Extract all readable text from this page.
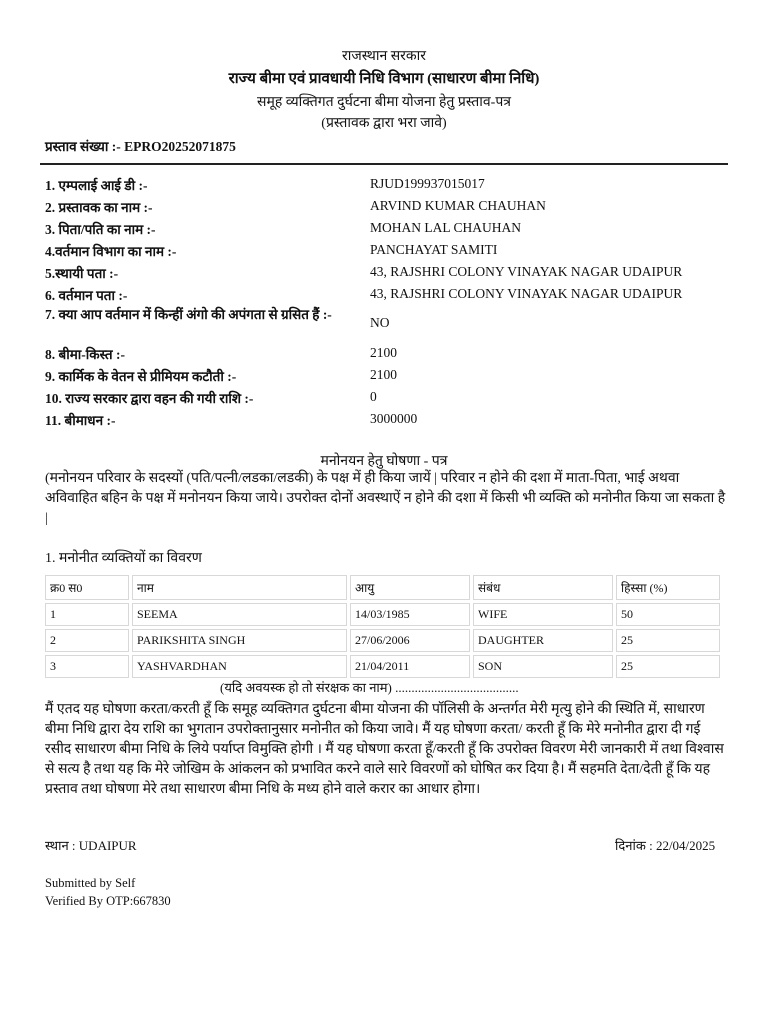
राजस्थान सरकार
राज्य बीमा एवं प्रावधायी निधि विभाग (साधारण बीमा निधि)
समूह व्यक्तिगत दुर्घटना बीमा योजना हेतु प्रस्ताव-पत्र
(प्रस्तावक द्वारा भरा जावे)
प्रस्ताव संख्या :- EPRO20252071875
1. एम्पलाई आई डी :-	RJUD199937015017
2. प्रस्तावक का नाम :-	ARVIND KUMAR CHAUHAN
3. पिता/पति का नाम :-	MOHAN LAL CHAUHAN
4.वर्तमान विभाग का नाम :-	PANCHAYAT SAMITI
5.स्थायी पता :-	43, RAJSHRI COLONY VINAYAK NAGAR UDAIPUR
6. वर्तमान पता :-	43, RAJSHRI COLONY VINAYAK NAGAR UDAIPUR
7. क्या आप वर्तमान में किन्हीं अंगो की अपंगता से ग्रसित हैं :-
NO
8. बीमा-किस्त :-	2100
9. कार्मिक के वेतन से प्रीमियम कटौती :-	2100
10. राज्य सरकार द्वारा वहन की गयी राशि :-	0
11. बीमाधन :-	3000000
मनोनयन हेतु घोषणा - पत्र
(मनोनयन परिवार के सदस्यों (पति/पत्नी/लडका/लडकी) के पक्ष में ही किया जायें | परिवार न होने की दशा में माता-पिता, भाई अथवा अविवाहित बहिन के पक्ष में मनोनयन किया जाये। उपरोक्त दोनों अवस्थाऐं न होने की दशा में किसी भी व्यक्ति को मनोनीत किया जा सकता है |
1. मनोनीत व्यक्तियों का विवरण
क्र0 स0	नाम	आयु	संबंध	हिस्सा (%)
1	SEEMA	14/03/1985	WIFE	50
2	PARIKSHITA SINGH	27/06/2006	DAUGHTER	25
3	YASHVARDHAN	21/04/2011	SON	25
(यदि अवयस्क हो तो संरक्षक का नाम) ......................................
मैं एतद यह घोषणा करता/करती हूँ कि समूह व्यक्तिगत दुर्घटना बीमा योजना की पॉलिसी के अन्तर्गत मेरी मृत्यु होने की स्थिति में, साधारण बीमा निधि द्वारा देय राशि का भुगतान उपरोक्तानुसार मनोनीत को किया जावे। मैं यह घोषणा करता/ करती हूँ कि मेरे मनोनीत द्वारा दी गई रसीद साधारण बीमा निधि के लिये पर्याप्त विमुक्ति होगी । मैं यह घोषणा करता हूँ/करती हूँ कि उपरोक्त विवरण मेरी जानकारी में तथा विश्वास से सत्य है तथा यह कि मेरे जोखिम के आंकलन को प्रभावित करने वाले सारे विवरणों को घोषित कर दिया है। मैं सहमति देता/देती हूँ कि यह प्रस्ताव तथा घोषणा मेरे तथा साधारण बीमा निधि के मध्य होने वाले करार का आधार होगा।
स्थान : UDAIPUR	दिनांक : 22/04/2025
Submitted by Self
Verified By OTP:667830
